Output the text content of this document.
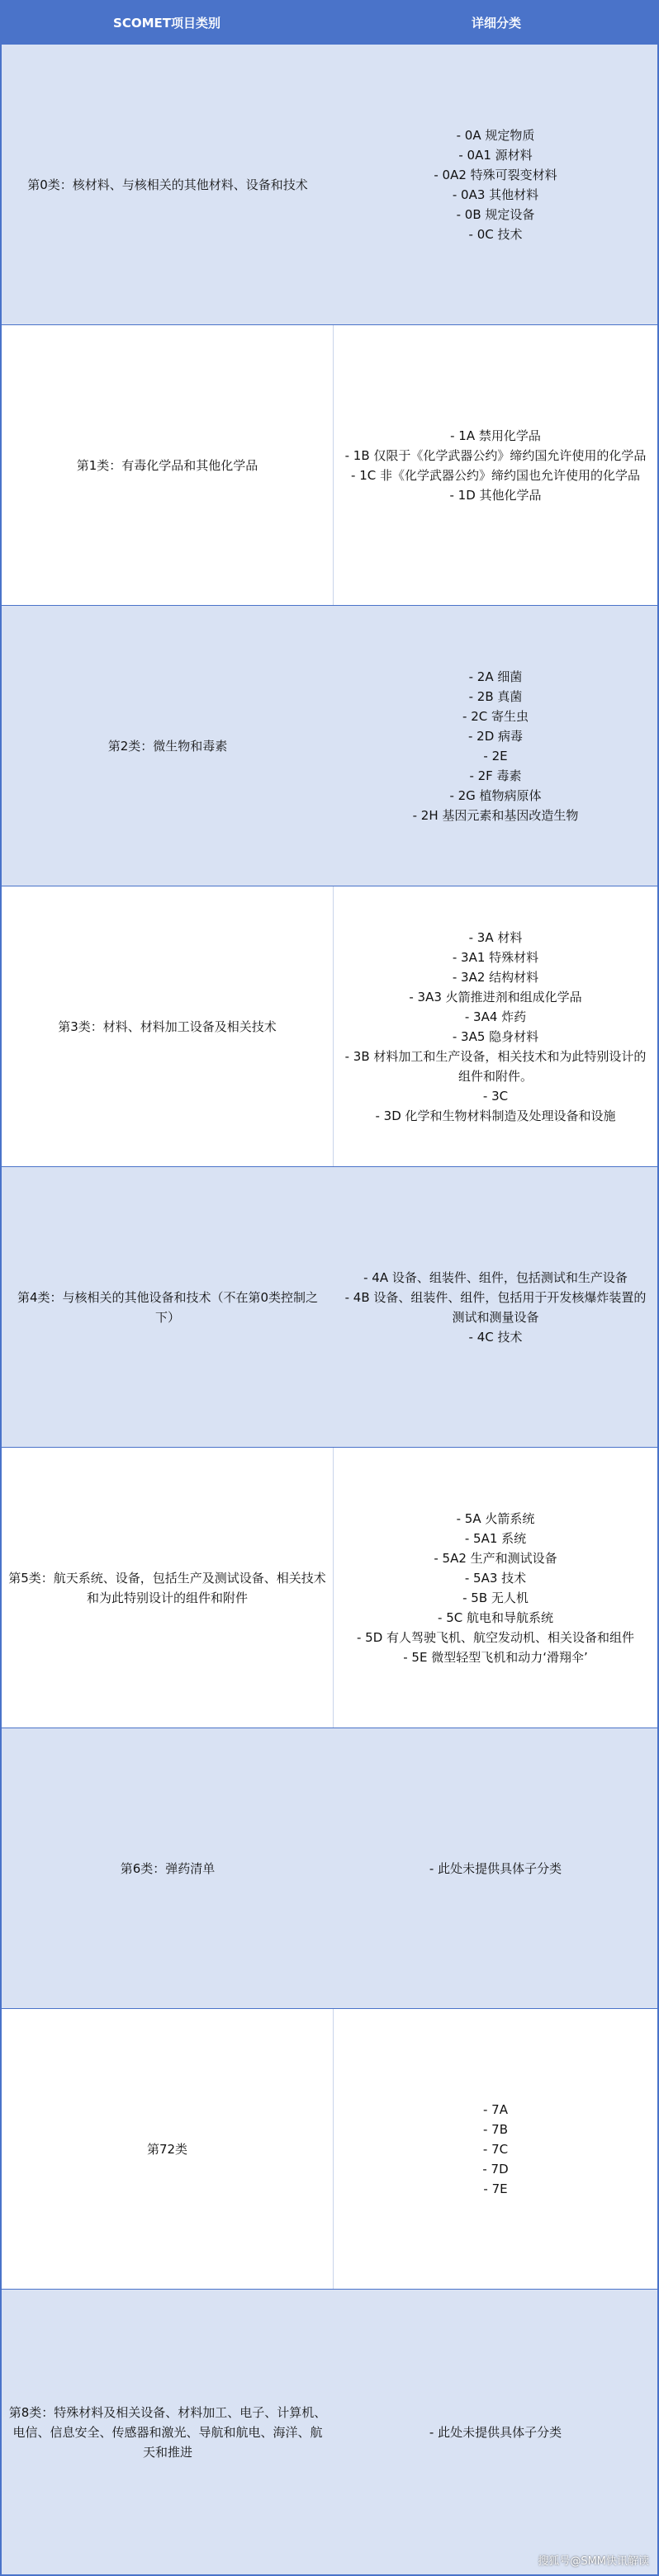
SCOMET项目类别	详细分类
第0类：核材料、与核相关的其他材料、设备和技术
- 0A 规定物质
- 0A1 源材料
- 0A2 特殊可裂变材料
- 0A3 其他材料
- 0B 规定设备
- 0C 技术
第1类：有毒化学品和其他化学品
- 1A 禁用化学品
- 1B 仅限于《化学武器公约》缔约国允许使用的化学品
- 1C 非《化学武器公约》缔约国也允许使用的化学品
- 1D 其他化学品
第2类：微生物和毒素
- 2A 细菌
- 2B 真菌
- 2C 寄生虫
- 2D 病毒
- 2E
- 2F 毒素
- 2G 植物病原体
- 2H 基因元素和基因改造生物
第3类：材料、材料加工设备及相关技术
- 3A 材料
- 3A1 特殊材料
- 3A2 结构材料
- 3A3 火箭推进剂和组成化学品
- 3A4 炸药
- 3A5 隐身材料
- 3B 材料加工和生产设备，相关技术和为此特别设计的组件和附件。
- 3C
- 3D 化学和生物材料制造及处理设备和设施
第4类：与核相关的其他设备和技术（不在第0类控制之下）
- 4A 设备、组装件、组件，包括测试和生产设备
- 4B 设备、组装件、组件，包括用于开发核爆炸装置的测试和测量设备
- 4C 技术
第5类：航天系统、设备，包括生产及测试设备、相关技术和为此特别设计的组件和附件
- 5A 火箭系统
- 5A1 系统
- 5A2 生产和测试设备
- 5A3 技术
- 5B 无人机
- 5C 航电和导航系统
- 5D 有人驾驶飞机、航空发动机、相关设备和组件
- 5E 微型轻型飞机和动力‘滑翔伞’
第6类：弹药清单	- 此处未提供具体子分类
第72类
- 7A
- 7B
- 7C
- 7D
- 7E
第8类：特殊材料及相关设备、材料加工、电子、计算机、电信、信息安全、传感器和激光、导航和航电、海洋、航天和推进
- 此处未提供具体子分类
搜狐号@SMM快讯解读
